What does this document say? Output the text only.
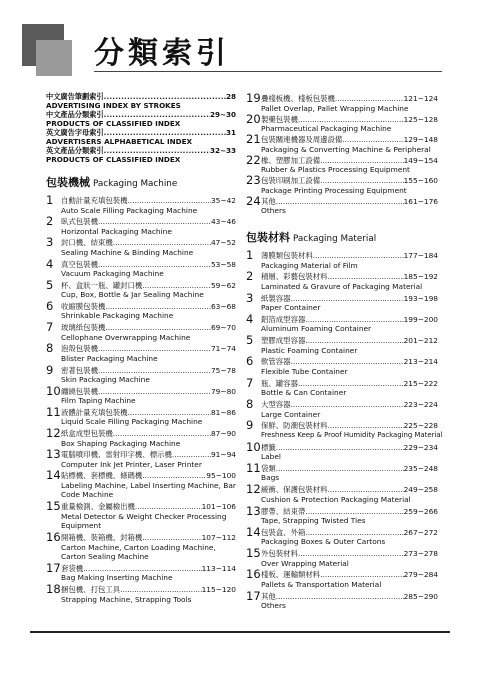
分類索引
中文廣告筆劃索引 .....	28
ADVERTISING INDEX BY STROKES
中文產品分類索引 .....	29~30
PRODUCTS OF CLASSIFIED INDEX
英文廣告字母索引 .....	31
ADVERTISERS ALPHABETICAL INDEX
英文產品分類索引 .....	32~33
PRODUCTS OF CLASSIFIED INDEX
包裝機械 Packaging Machine
1	自動計量充填包裝機 .....	35~42
Auto Scale Filling Packaging Machine
2	臥式包裝機 .....	43~46
Horizontal Packaging Machine
3	封口機、結束機 .....	47~52
Sealing Machine & Binding Machine
4	真空包裝機 .....	53~58
Vacuum Packaging Machine
5	杯、盒狀一瓶、罐封口機 .....	59~62
Cup, Box, Bottle & Jar Sealing Machine
6	收縮膜包裝機 .....	63~68
Shrinkable Packaging Machine
7	玻璃紙包裝機 .....	69~70
Cellophane Overwrapping Machine
8	泡殼包裝機 .....	71~74
Blister Packaging Machine
9	密著包裝機 .....	75~78
Skin Packaging Machine
10 纏繞包裝機 .....	79~80
Film Taping Machine
11 液體計量充填包裝機 .....	81~86
Liquid Scale Filling Packaging Machine
12 紙盒成型包裝機 .....	87~90
Box Shaping Packaging Machine
13 電腦噴印機、雷射印字機、標示機 .....	91~94
Computer Ink Jet Printer, Laser Printer
14 貼標機、套標機、條碼機 .....	95~100
Labeling Machine, Label Inserting Machine, Bar Code Machine
15 重量檢測、金屬檢出機 .....	101~106
Metal Detector & Weight Checker Processing Equipment
16 開箱機、裝箱機、封箱機 .....	107~112
Carton Machine, Carton Loading Machine, Carton Sealing Machine
17 套袋機 .....	113~114
Bag Making Inserting Machine
18 捆包機、打包工具 .....	115~120
Strapping Machine, Strapping Tools
19 疊棧板機、棧板包裝機 .....	121~124
Pallet Overlap, Pallet Wrapping Machine
20 製藥包裝機 .....	125~128
Pharmaceutical Packaging Machine
21 包裝關連機器及周邊設備 .....	129~148
Packaging & Converting Machine & Peripheral
22 橡、塑膠加工設備 .....	149~154
Rubber & Plastics Processing Equipment
23 包裝印刷加工設備 .....	155~160
Package Printing Processing Equipment
24 其他 .....	161~176
Others
包裝材料 Packaging Material
1	薄膜類包裝材料 .....	177~184
Packaging Material of Film
2	積層、彩藝包裝材料 .....	185~192
Laminated & Gravure of Packaging Material
3	紙製容器 .....	193~198
Paper Container
4	鋁箔成型容器 .....	199~200
Aluminum Foaming Container
5	塑膠成型容器 .....	201~212
Plastic Foaming Container
6	軟管容器 .....	213~214
Flexible Tube Container
7	瓶、罐容器 .....	215~222
Bottle & Can Container
8	大型容器 .....	223~224
Large Container
9	保鮮、防潮包裝材料 .....	225~228
Freshness Keep & Proof Humidity Packaging Material
10 標籤 .....	229~234
Label
11 袋類 .....	235~248
Bags
12 緩衝、保護包裝材料 .....	249~258
Cushion & Protection Packaging Material
13 膠帶、結束帶 .....	259~266
Tape, Strapping Twisted Ties
14 包裝盒、外箱 .....	267~272
Packaging Boxes & Outer Cartons
15 外包裝材料 .....	273~278
Over Wrapping Material
16 棧板、運輸類材料 .....	279~284
Pallets & Transportation Material
17 其他 .....	285~290
Others
